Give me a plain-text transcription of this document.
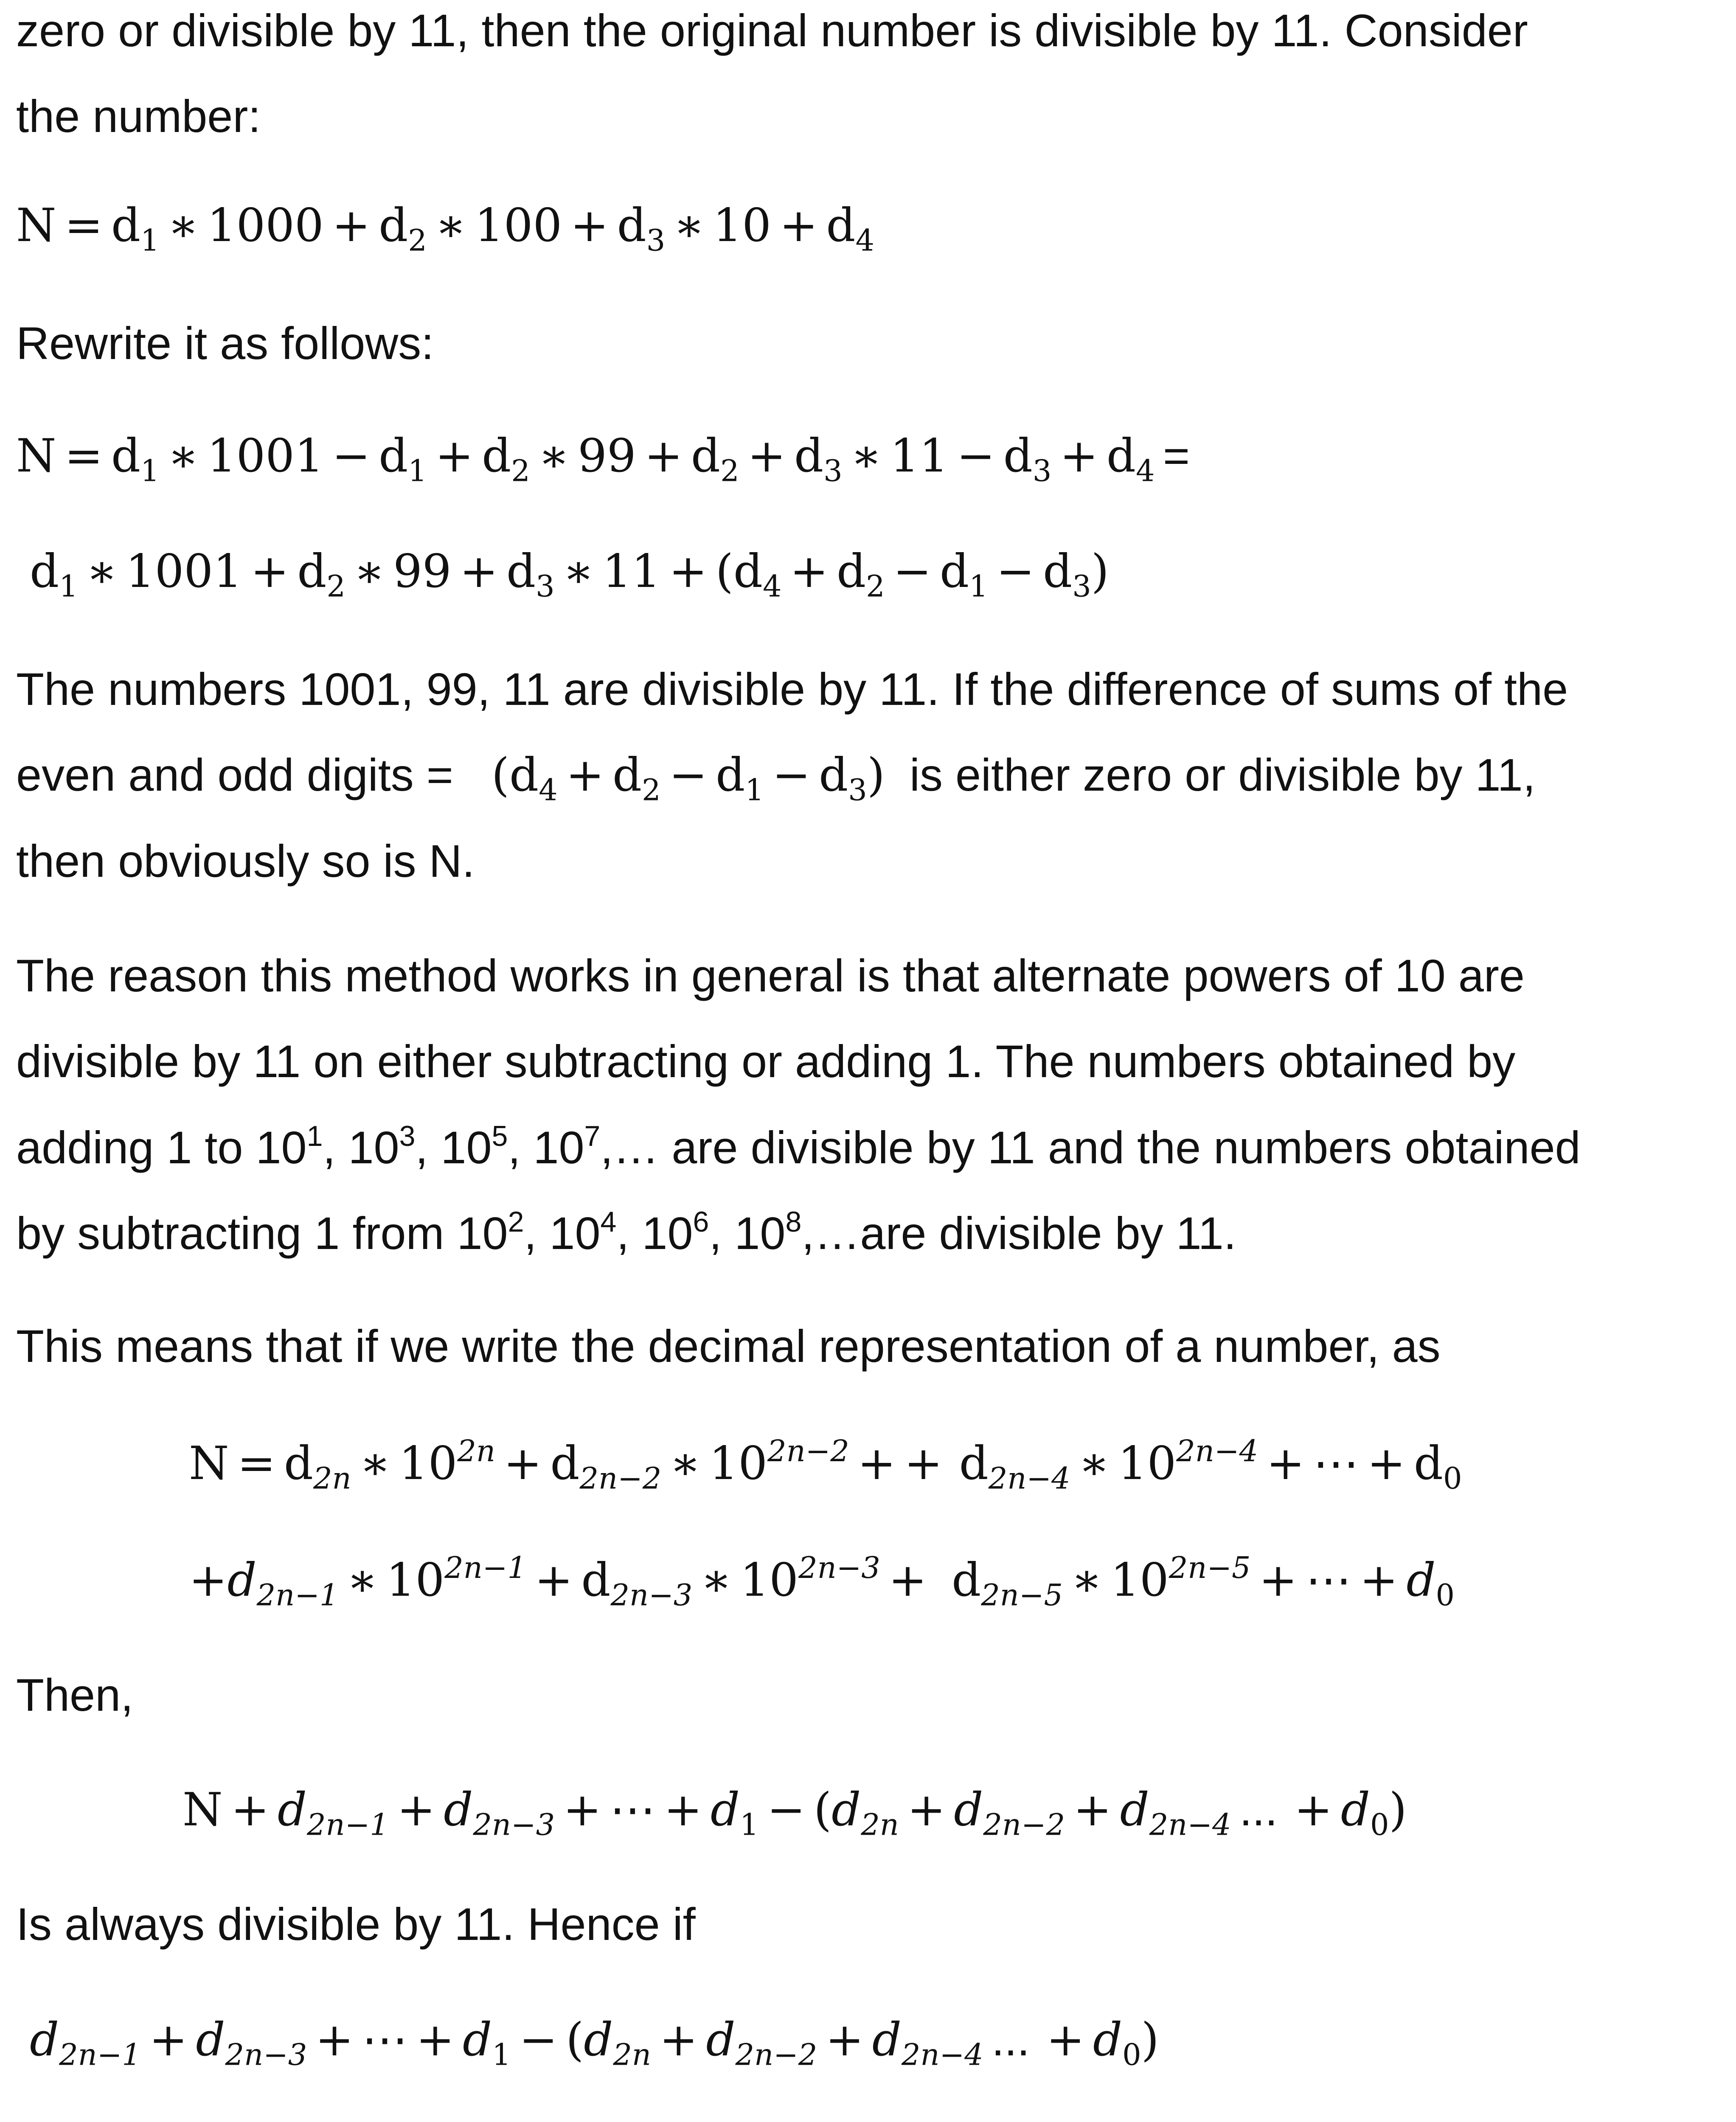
zero or divisible by 11, then the original number is divisible by 11. Consider
the number:
$N = d_1$ ∗ $1000 + d_2$ ∗ $100 + d_3$ ∗ $10 + d_4$
Rewrite it as follows:
$N = d_1$ ∗ $1001 - d_1 + d_2$ ∗ $99 + d_2 + d_3$ ∗ $11 - d_3 + d_4$ =
$d_1$ ∗ $1001 + d_2$ ∗ $99 + d_3$ ∗ $11 + (d_4 + d_2 - d_1 - d_3)$
The numbers 1001, 99, 11 are divisible by 11. If the difference of sums of the
even and odd digits = $(d_4 + d_2 - d_1 - d_3)$ is either zero or divisible by 11,
then obviously so is N.
The reason this method works in general is that alternate powers of 10 are
divisible by 11 on either subtracting or adding 1. The numbers obtained by
adding 1 to $10^1$, $10^3$, $10^5$, $10^7,\dots$ are divisible by 11 and the numbers obtained
by subtracting 1 from $10^2$, $10^4$, $10^6$, $10^8,\dots are$ divisible by 11.
This means that if we write the decimal representation of a number, as
$N = d_{2n}$ ∗ $10^{2n} + d_{2n-2}$ ∗ $10^{2n-2}$ + + $d_{2n-4}$ ∗ $10^{2n-4}$ + ⋯ + $d_0$
$+d_{2n-1}$ ∗ $10^{2n-1} + d_{2n-3}$ ∗ $10^{2n-3} + d_{2n-5}$ ∗ $10^{2n-5}$ + ⋯ + $d_0$
Then,
$N + d_{2n-1} + d_{2n-3}$ + ⋯ + $d_1 - (d_{2n} + d_{2n-2} + d_{2n-4}$ ... + $d_0$)
Is always divisible by 11. Hence if
$d_{2n-1} + d_{2n-3}$ + ⋯ + $d_1 - (d_{2n} + d_{2n-2} + d_{2n-4}$ ... + $d_0$)
